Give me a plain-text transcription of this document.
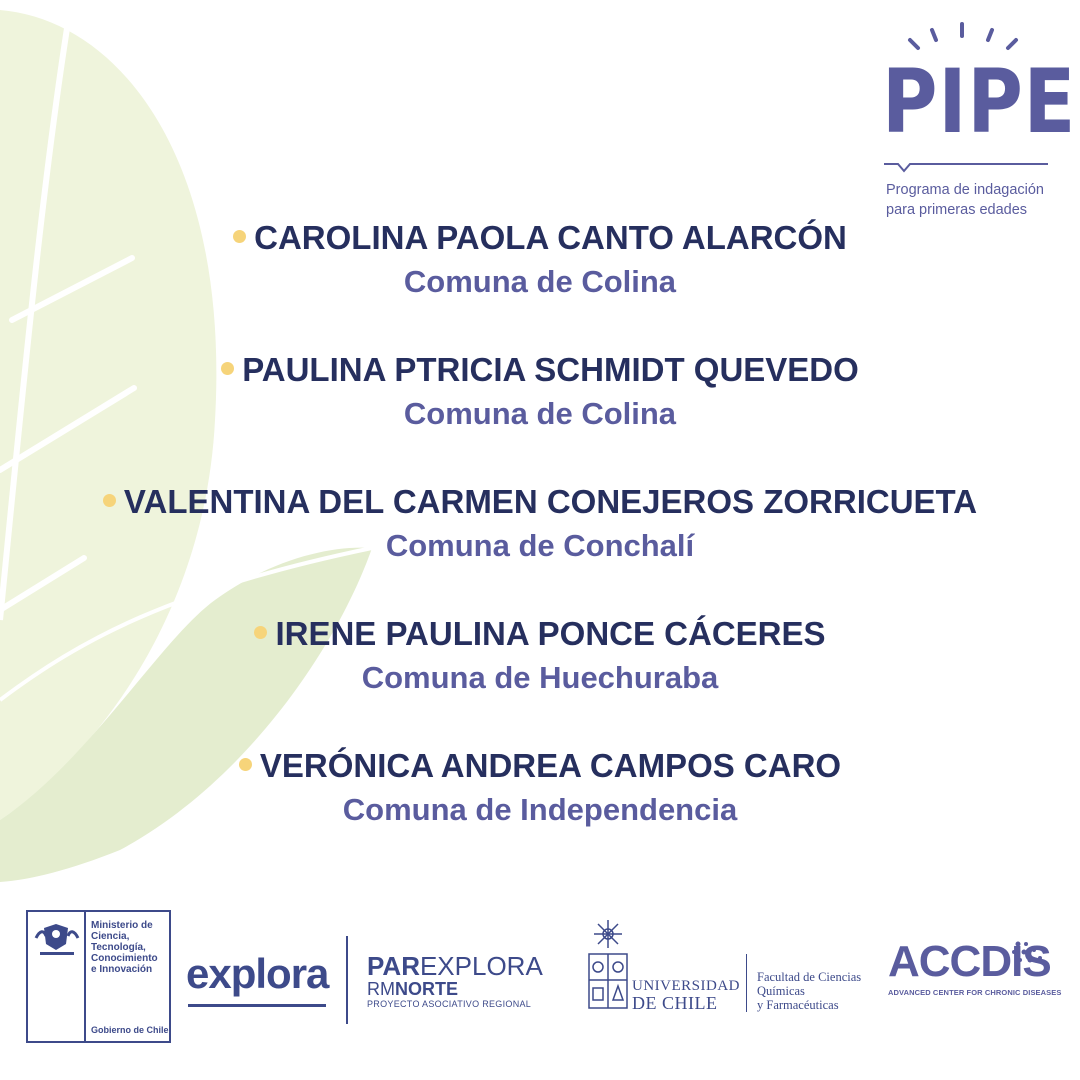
PIPE
Programa de indagación
para primeras edades
CAROLINA PAOLA CANTO ALARCÓN
Comuna de Colina
PAULINA PTRICIA SCHMIDT QUEVEDO
Comuna de Colina
VALENTINA DEL CARMEN CONEJEROS ZORRICUETA
Comuna de Conchalí
IRENE PAULINA PONCE CÁCERES
Comuna de Huechuraba
VERÓNICA ANDREA CAMPOS CARO
Comuna de Independencia
Ministerio de
Ciencia,
Tecnología,
Conocimiento
e Innovación
Gobierno de Chile
explora PAREXPLORA
RMNORTE
PROYECTO ASOCIATIVO REGIONAL
UNIVERSIDAD
DE CHILE
Facultad de Ciencias
Químicas
y Farmacéuticas
ACCDIS
ADVANCED CENTER FOR CHRONIC DISEASES
